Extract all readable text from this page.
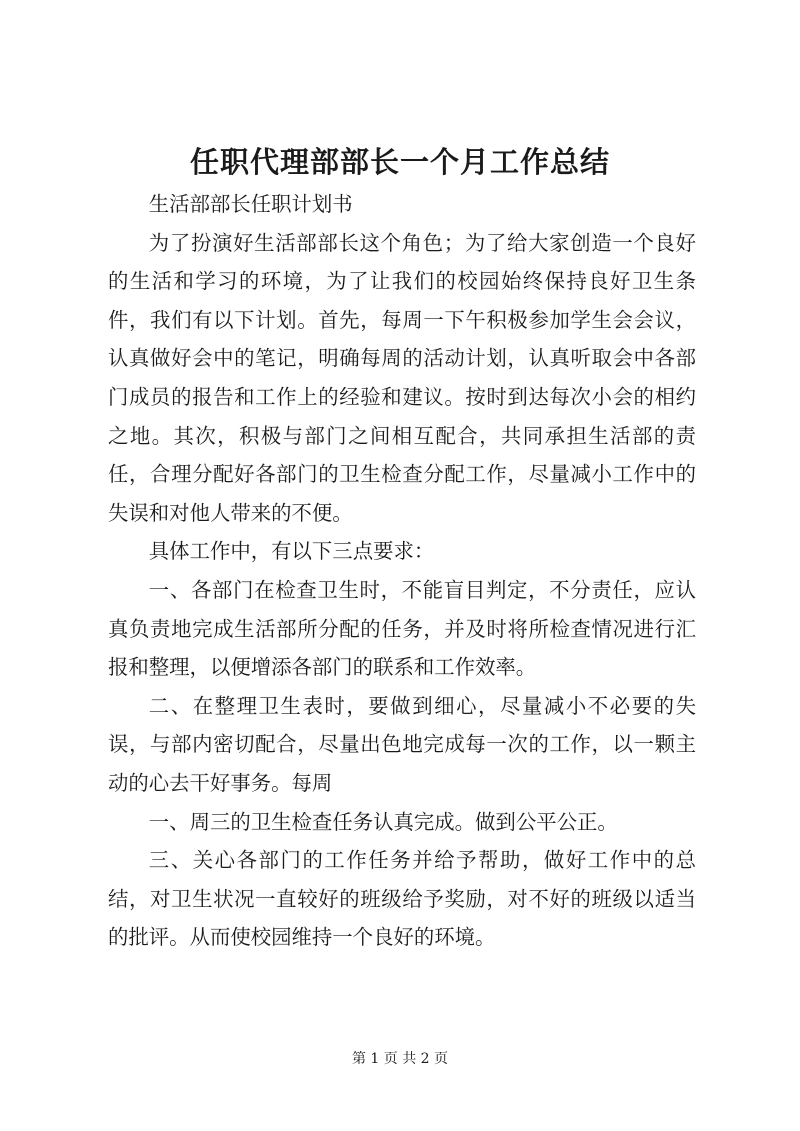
任职代理部部长一个月工作总结

生活部部长任职计划书

为了扮演好生活部部长这个角色；为了给大家创造一个良好的生活和学习的环境，为了让我们的校园始终保持良好卫生条件，我们有以下计划。首先，每周一下午积极参加学生会会议，认真做好会中的笔记，明确每周的活动计划，认真听取会中各部门成员的报告和工作上的经验和建议。按时到达每次小会的相约之地。其次，积极与部门之间相互配合，共同承担生活部的责任，合理分配好各部门的卫生检查分配工作，尽量减小工作中的失误和对他人带来的不便。

具体工作中，有以下三点要求：

一、各部门在检查卫生时，不能盲目判定，不分责任，应认真负责地完成生活部所分配的任务，并及时将所检查情况进行汇报和整理，以便增添各部门的联系和工作效率。

二、在整理卫生表时，要做到细心，尽量减小不必要的失误，与部内密切配合，尽量出色地完成每一次的工作，以一颗主动的心去干好事务。每周

一、周三的卫生检查任务认真完成。做到公平公正。

三、关心各部门的工作任务并给予帮助，做好工作中的总结，对卫生状况一直较好的班级给予奖励，对不好的班级以适当的批评。从而使校园维持一个良好的环境。

第 1 页 共 2 页
